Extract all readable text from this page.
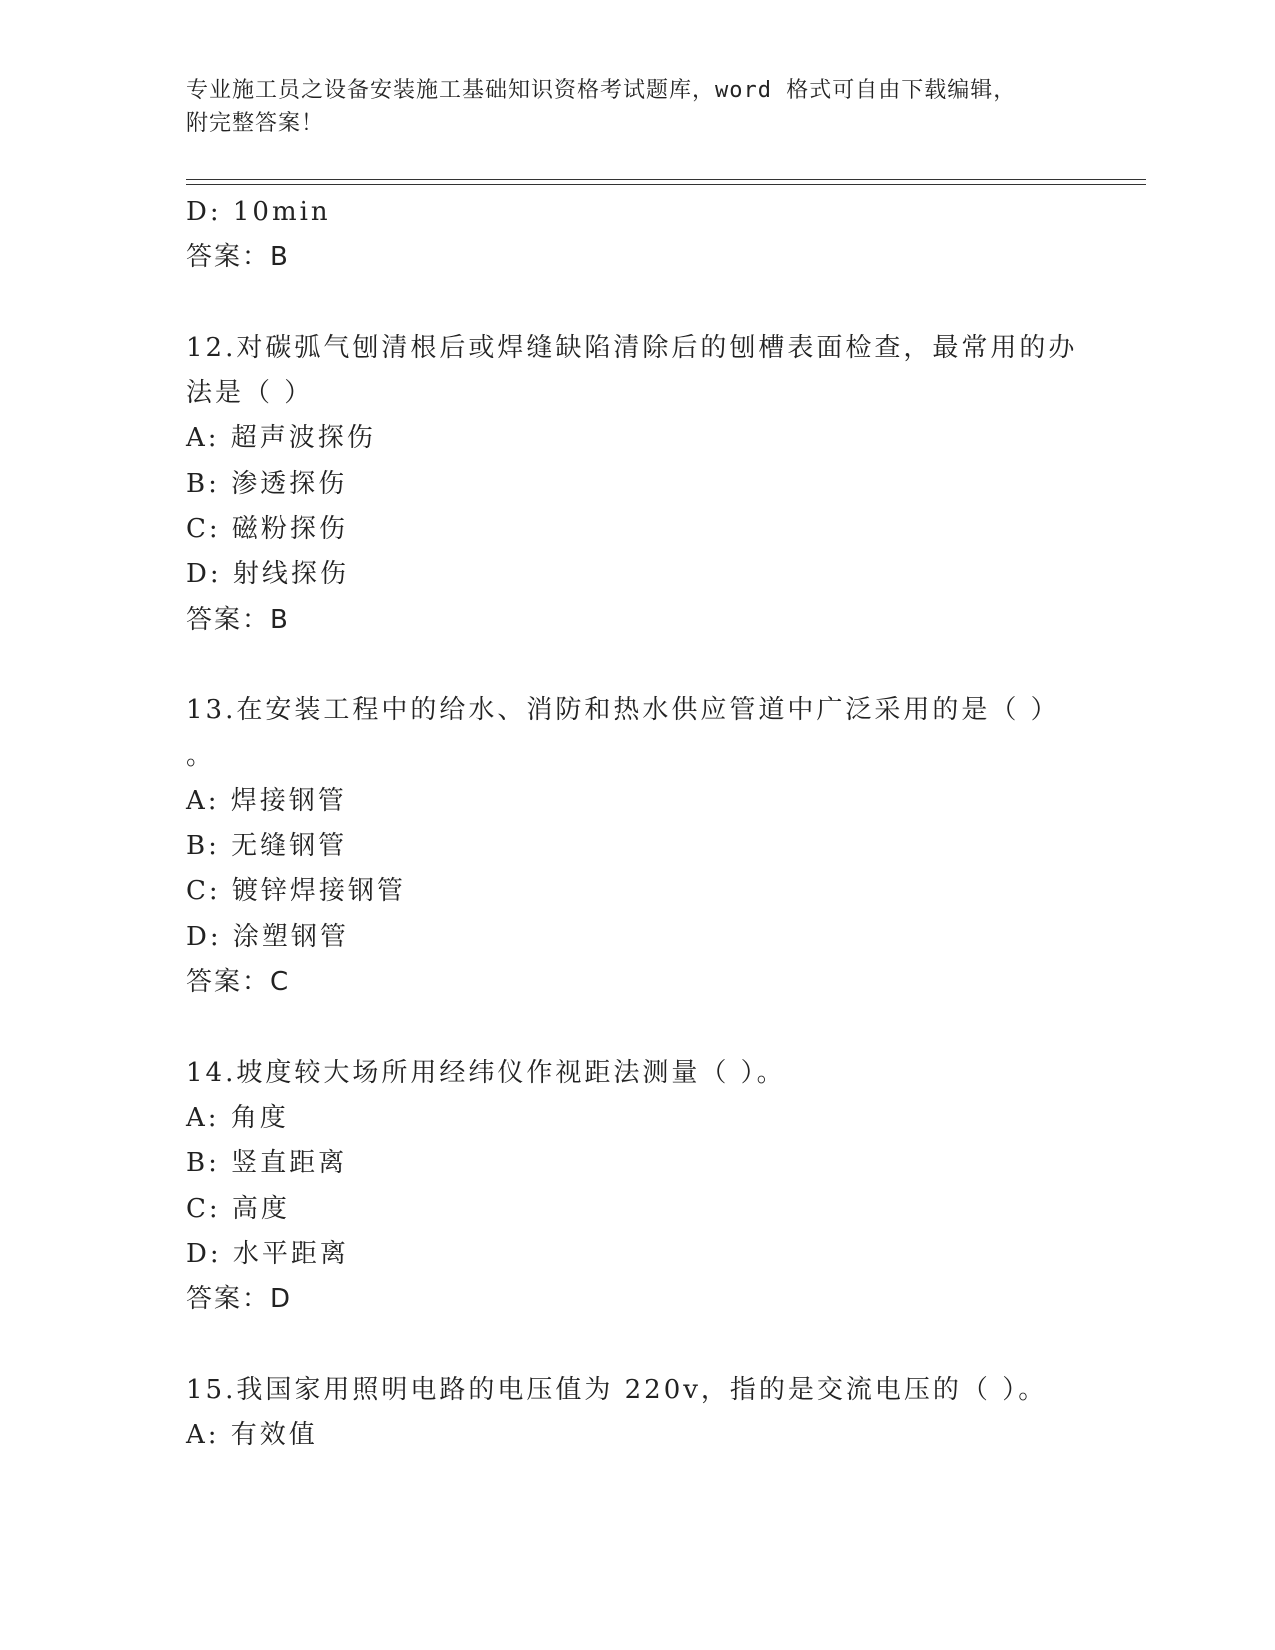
专业施工员之设备安装施工基础知识资格考试题库，word 格式可自由下载编辑，
附完整答案！
D: 10min
答案：B
12.对碳弧气刨清根后或焊缝缺陷清除后的刨槽表面检查，最常用的办
法是（ ）
A: 超声波探伤
B: 渗透探伤
C: 磁粉探伤
D: 射线探伤
答案：B
13.在安装工程中的给水、消防和热水供应管道中广泛采用的是（ ）
。
A: 焊接钢管
B: 无缝钢管
C: 镀锌焊接钢管
D: 涂塑钢管
答案：C
14.坡度较大场所用经纬仪作视距法测量（ ）。
A: 角度
B: 竖直距离
C: 高度
D: 水平距离
答案：D
15.我国家用照明电路的电压值为 220v，指的是交流电压的（ ）。
A: 有效值
